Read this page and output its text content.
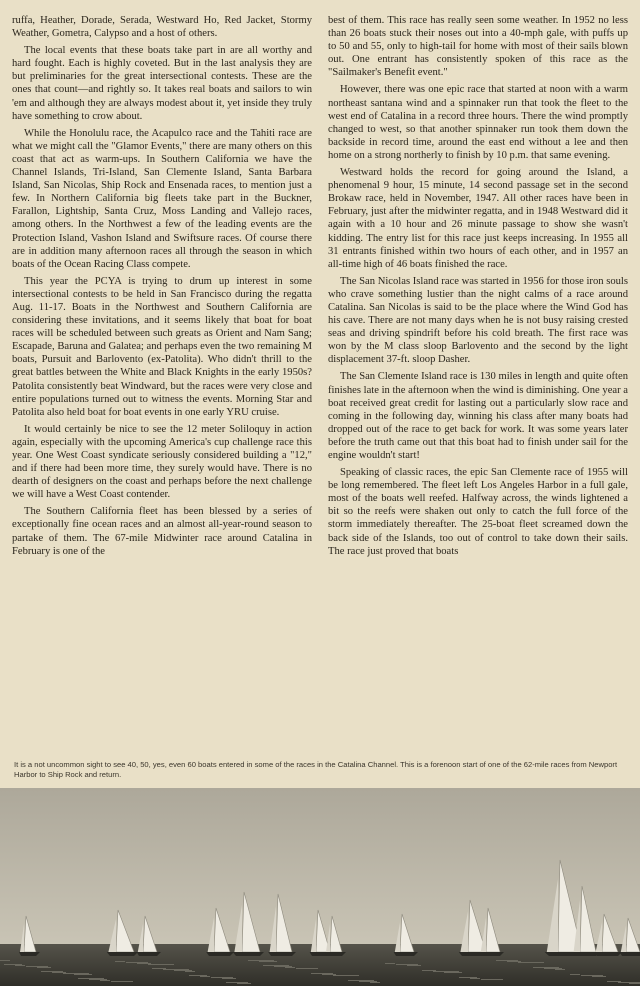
ruffa, Heather, Dorade, Serada, Westward Ho, Red Jacket, Stormy Weather, Gometra, Calypso and a host of others.

The local events that these boats take part in are all worthy and hard fought. Each is highly coveted. But in the last analysis they are but preliminaries for the great intersectional contests. These are the ones that count—and rightly so. It takes real boats and sailors to win 'em and although they are always modest about it, yet inside they truly have something to crow about.

While the Honolulu race, the Acapulco race and the Tahiti race are what we might call the "Glamor Events," there are many others on this coast that act as warm-ups. In Southern California we have the Channel Islands, Tri-Island, San Clemente Island, Santa Barbara Island, San Nicolas, Ship Rock and Ensenada races, to mention just a few. In Northern California big fleets take part in the Buckner, Farallon, Lightship, Santa Cruz, Moss Landing and Vallejo races, among others. In the Northwest a few of the leading events are the Protection Island, Vashon Island and Swiftsure races. Of course there are in addition many afternoon races all through the season in which boats of the Ocean Racing Class compete.

This year the PCYA is trying to drum up interest in some intersectional contests to be held in San Francisco during the regatta Aug. 11-17. Boats in the Northwest and Southern California are considering these invitations, and it seems likely that boat for boat races will be scheduled between such greats as Orient and Nam Sang; Escapade, Baruna and Galatea; and perhaps even the two remaining M boats, Pursuit and Barlovento (ex-Patolita). Who didn't thrill to the great battles between the White and Black Knights in the early 1950s? Patolita consistently beat Windward, but the races were very close and entire populations turned out to witness the events. Morning Star and Patolita also held boat for boat events in one early YRU cruise.

It would certainly be nice to see the 12 meter Soliloquy in action again, especially with the upcoming America's cup challenge race this year. One West Coast syndicate seriously considered building a "12," and if there had been more time, they surely would have. There is no dearth of designers on the coast and perhaps before the next challenge we will have a West Coast contender.

The Southern California fleet has been blessed by a series of exceptionally fine ocean races and an almost all-year-round season to partake of them. The 67-mile Midwinter race around Catalina in February is one of the

best of them. This race has really seen some weather. In 1952 no less than 26 boats stuck their noses out into a 40-mph gale, with puffs up to 50 and 55, only to high-tail for home with most of their sails blown out. One entrant has consistently spoken of this race as the "Sailmaker's Benefit event."

However, there was one epic race that started at noon with a warm northeast santana wind and a spinnaker run that took the fleet to the west end of Catalina in a record three hours. There the wind promptly changed to west, so that another spinnaker run took them down the backside in record time, around the east end without a lee and then home on a strong northerly to finish by 10 p.m. that same evening.

Westward holds the record for going around the Island, a phenomenal 9 hour, 15 minute, 14 second passage set in the second Brokaw race, held in November, 1947. All other races have been in February, just after the midwinter regatta, and in 1948 Westward did it again with a 10 hour and 26 minute passage to show she wasn't kidding. The entry list for this race just keeps increasing. In 1955 all 31 entrants finished within two hours of each other, and in 1957 an all-time high of 46 boats finished the race.

The San Nicolas Island race was started in 1956 for those iron souls who crave something lustier than the night calms of a race around Catalina. San Nicolas is said to be the place where the Wind God has his cave. There are not many days when he is not busy raising crested seas and driving spindrift before his cold breath. The first race was won by the M class sloop Barlovento and the second by the light displacement 37-ft. sloop Dasher.

The San Clemente Island race is 130 miles in length and quite often finishes late in the afternoon when the wind is diminishing. One year a boat received great credit for lasting out a particularly slow race and coming in the following day, winning his class after many boats had dropped out of the race to get back for work. It was some years later before the truth came out that this boat had to finish under sail for the engine wouldn't start!

Speaking of classic races, the epic San Clemente race of 1955 will be long remembered. The fleet left Los Angeles Harbor in a full gale, most of the boats well reefed. Halfway across, the winds lightened a bit so the reefs were shaken out only to catch the full force of the storm immediately thereafter. The 25-boat fleet screamed down the back side of the Islands, too out of control to take down their sails. The race just proved that boats

It is a not uncommon sight to see 40, 50, yes, even 60 boats entered in some of the races in the Catalina Channel. This is a forenoon start of one of the 62-mile races from Newport Harbor to Ship Rock and return.
